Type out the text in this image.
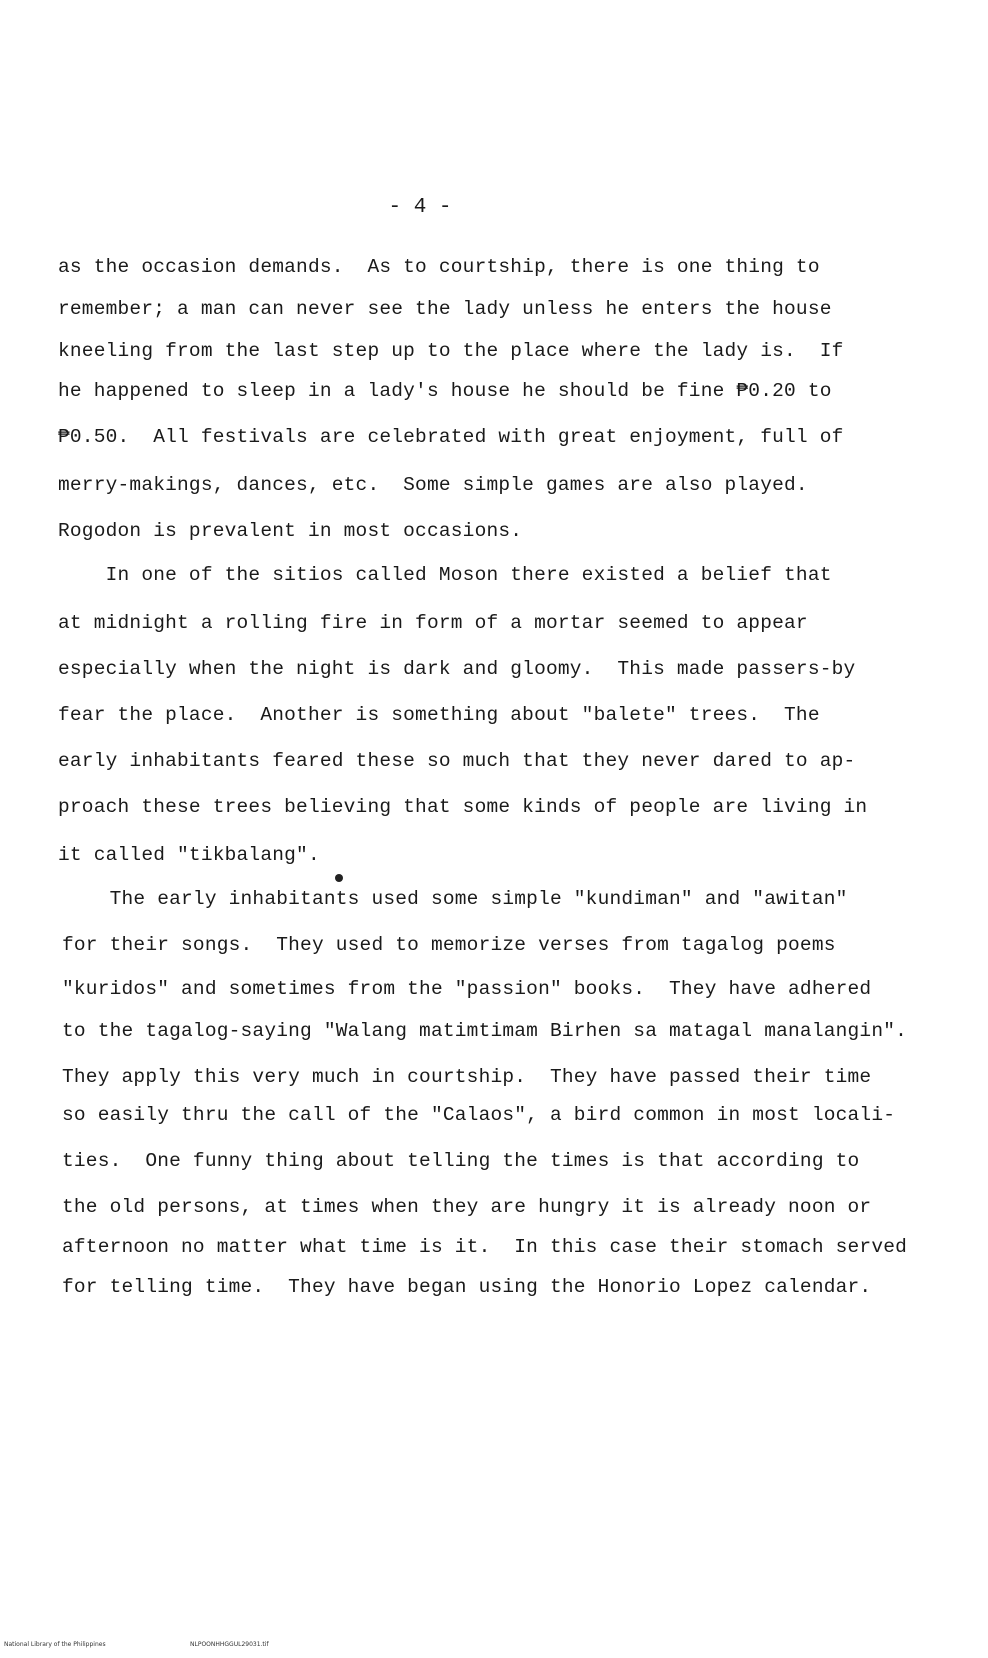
- 4 -
as the occasion demands.  As to courtship, there is one thing to
remember; a man can never see the lady unless he enters the house
kneeling from the last step up to the place where the lady is.  If
he happened to sleep in a lady's house he should be fine ₱0.20 to
₱0.50.  All festivals are celebrated with great enjoyment, full of
merry-makings, dances, etc.  Some simple games are also played.
Rogodon is prevalent in most occasions.
In one of the sitios called Moson there existed a belief that
at midnight a rolling fire in form of a mortar seemed to appear
especially when the night is dark and gloomy.  This made passers-by
fear the place.  Another is something about "balete" trees.  The
early inhabitants feared these so much that they never dared to ap-
proach these trees believing that some kinds of people are living in
it called "tikbalang".
The early inhabitants used some simple "kundiman" and "awitan"
for their songs.  They used to memorize verses from tagalog poems
"kuridos" and sometimes from the "passion" books.  They have adhered
to the tagalog-saying "Walang matimtimam Birhen sa matagal manalangin".
They apply this very much in courtship.  They have passed their time
so easily thru the call of the "Calaos", a bird common in most locali-
ties.  One funny thing about telling the times is that according to
the old persons, at times when they are hungry it is already noon or
afternoon no matter what time is it.  In this case their stomach served
for telling time.  They have began using the Honorio Lopez calendar.
National Library of the Philippines	NLPOONHHGGUL29031.tif
